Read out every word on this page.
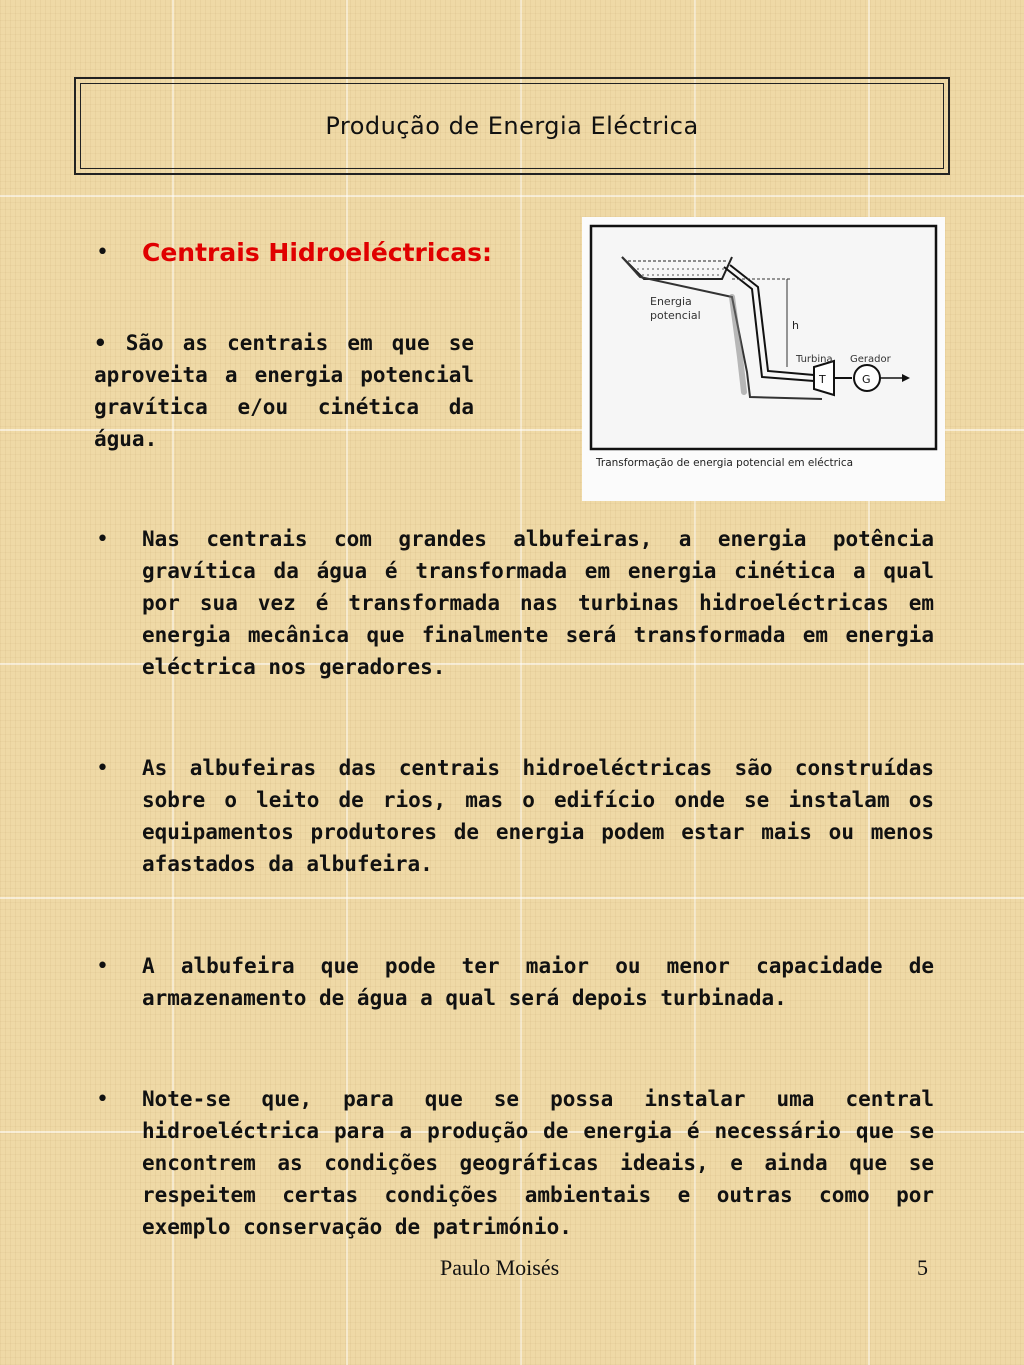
Produção de Energia Eléctrica
• Centrais Hidroeléctricas:
• São as centrais em que se aproveita a energia potencial gravítica e/ou cinética da água.
h
T	G
Energia
potencial
Turbina Gerador
Transformação de energia potencial em eléctrica
• Nas centrais com grandes albufeiras, a energia potência gravítica da água é transformada em energia cinética a qual por sua vez é transformada nas turbinas hidroeléctricas em energia mecânica que finalmente será transformada em energia eléctrica nos geradores.
• As albufeiras das centrais hidroeléctricas são construídas sobre o leito de rios, mas o edifício onde se instalam os equipamentos produtores de energia podem estar mais ou menos afastados da albufeira.
• A albufeira que pode ter maior ou menor capacidade de armazenamento de água a qual será depois turbinada.
• Note-se que, para que se possa instalar uma central hidroeléctrica para a produção de energia é necessário que se encontrem as condições geográficas ideais, e ainda que se respeitem certas condições ambientais e outras como por exemplo conservação de património.
Paulo Moisés	5
